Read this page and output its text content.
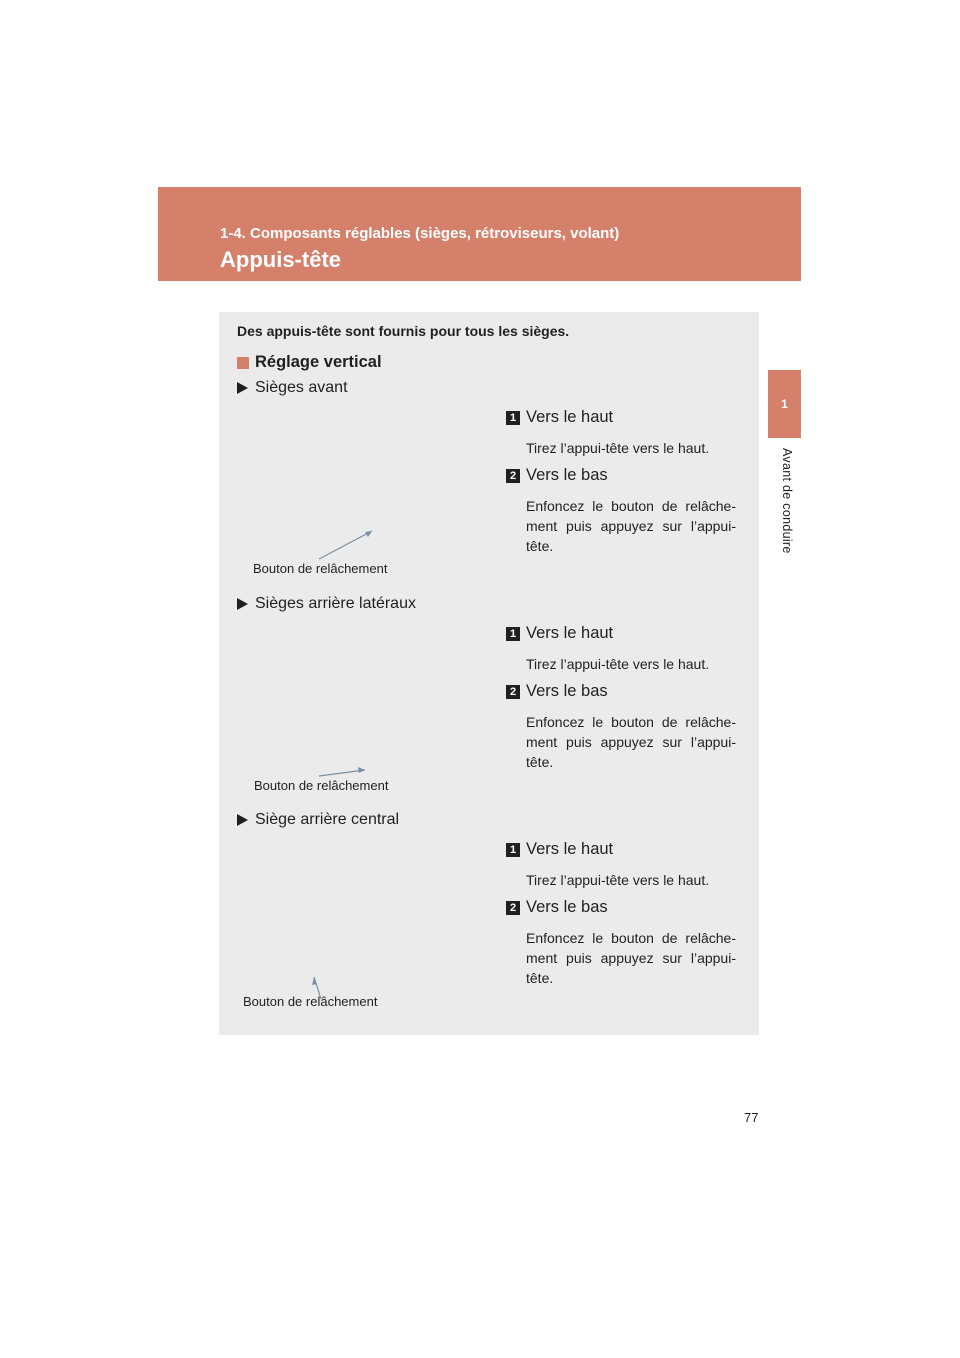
1-4. Composants réglables (sièges, rétroviseurs, volant)
Appuis-tête
1
Avant de conduire
Des appuis-tête sont fournis pour tous les sièges.
Réglage vertical
Sièges avant
Bouton de relâchement
1 Vers le haut
Tirez l’appui-tête vers le haut.
2 Vers le bas
Enfoncez le bouton de relâche-ment puis appuyez sur l’appui-tête.
Sièges arrière latéraux
Bouton de relâchement
1 Vers le haut
Tirez l’appui-tête vers le haut.
2 Vers le bas
Enfoncez le bouton de relâche-ment puis appuyez sur l’appui-tête.
Siège arrière central
Bouton de relâchement
1 Vers le haut
Tirez l’appui-tête vers le haut.
2 Vers le bas
Enfoncez le bouton de relâche-ment puis appuyez sur l’appui-tête.
77
